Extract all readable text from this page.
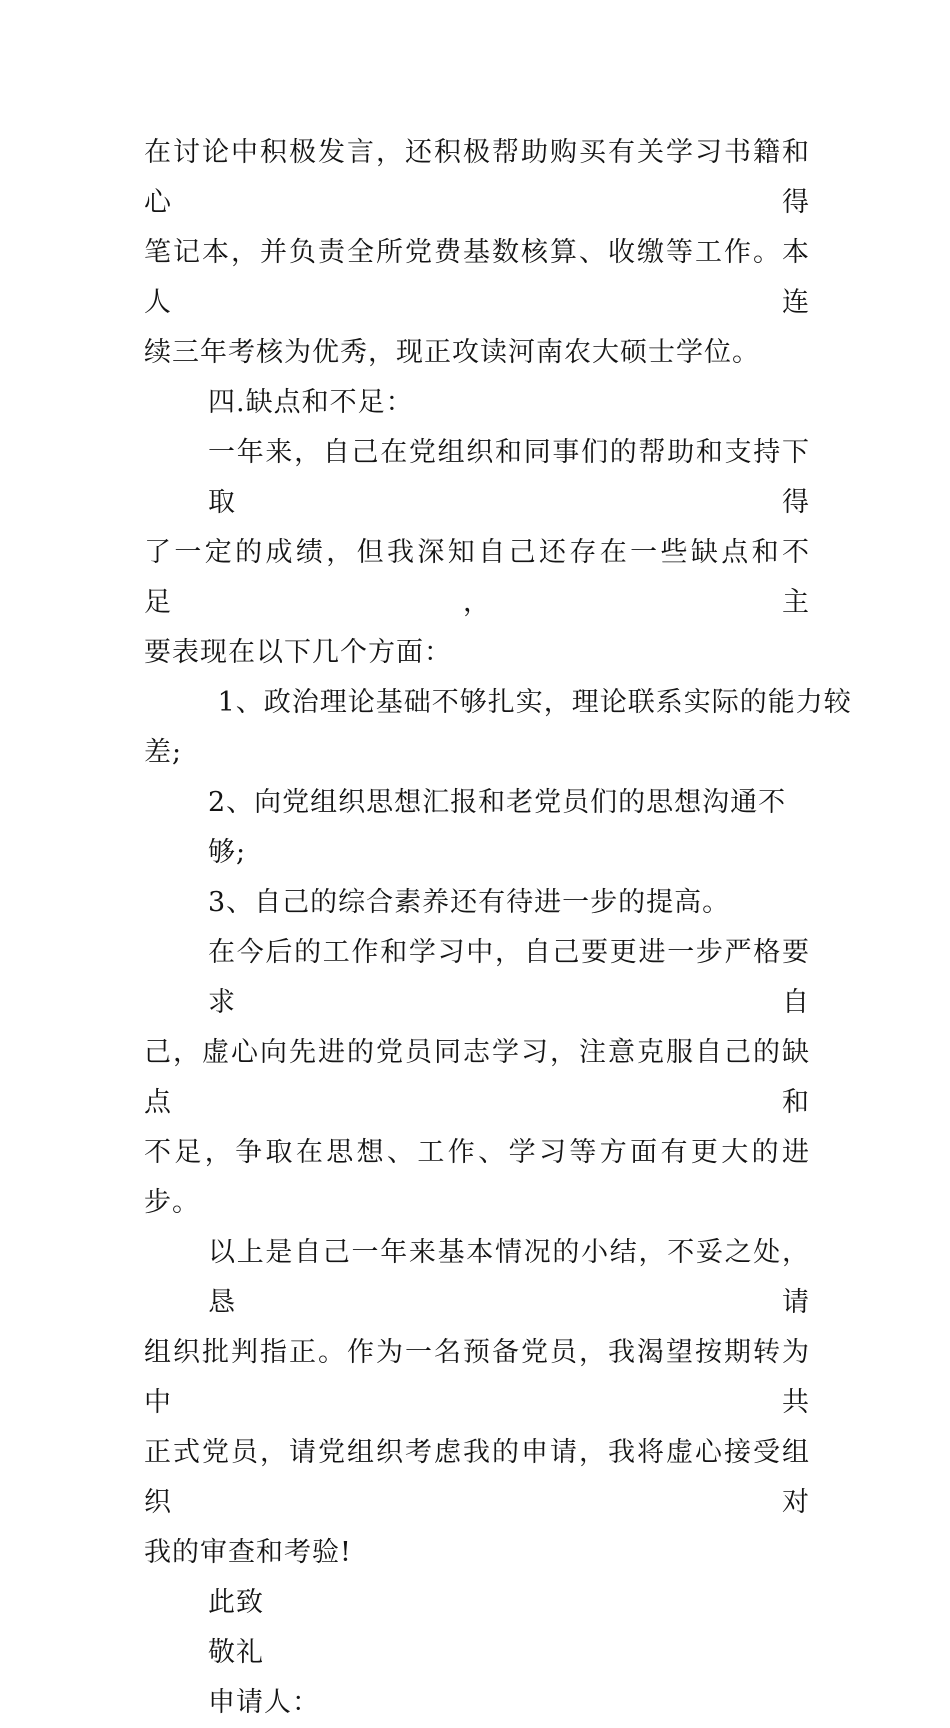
在讨论中积极发言，还积极帮助购买有关学习书籍和心得
笔记本，并负责全所党费基数核算、收缴等工作。本人连
续三年考核为优秀，现正攻读河南农大硕士学位。
四.缺点和不足：
一年来，自己在党组织和同事们的帮助和支持下取得
了一定的成绩，但我深知自己还存在一些缺点和不足，主
要表现在以下几个方面：
1、政治理论基础不够扎实，理论联系实际的能力较
差;
2、向党组织思想汇报和老党员们的思想沟通不够;
3、自己的综合素养还有待进一步的提高。
在今后的工作和学习中，自己要更进一步严格要求自
己，虚心向先进的党员同志学习，注意克服自己的缺点和
不足，争取在思想、工作、学习等方面有更大的进步。
以上是自己一年来基本情况的小结，不妥之处，恳请
组织批判指正。作为一名预备党员，我渴望按期转为中共
正式党员，请党组织考虑我的申请，我将虚心接受组织对
我的审查和考验!
此致
敬礼
申请人：
